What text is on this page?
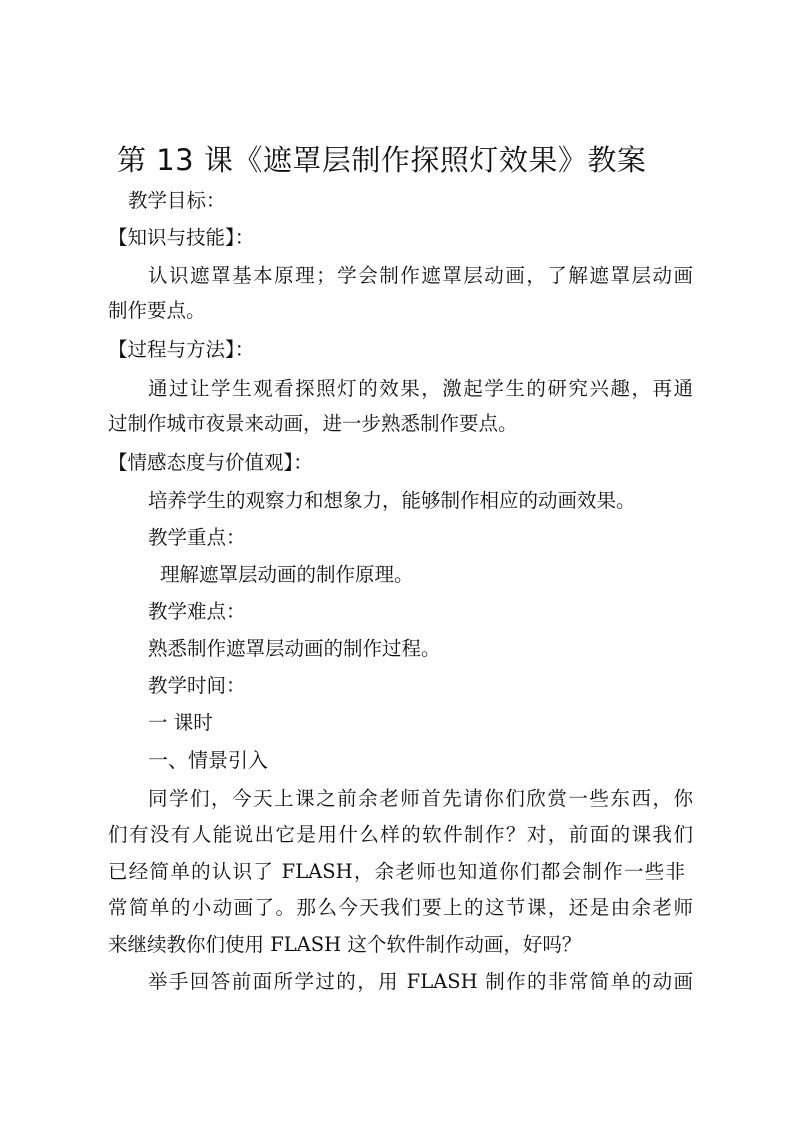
第 13 课《遮罩层制作探照灯效果》教案
教学目标：
【知识与技能】：
认识遮罩基本原理；学会制作遮罩层动画，了解遮罩层动画
制作要点。
【过程与方法】：
通过让学生观看探照灯的效果，激起学生的研究兴趣，再通
过制作城市夜景来动画，进一步熟悉制作要点。
【情感态度与价值观】：
培养学生的观察力和想象力，能够制作相应的动画效果。
教学重点：
理解遮罩层动画的制作原理。
教学难点：
熟悉制作遮罩层动画的制作过程。
教学时间：
一 课时
一、情景引入
同学们，今天上课之前余老师首先请你们欣赏一些东西，你
们有没有人能说出它是用什么样的软件制作？对，前面的课我们
已经简单的认识了 FLASH，余老师也知道你们都会制作一些非
常简单的小动画了。那么今天我们要上的这节课，还是由余老师
来继续教你们使用 FLASH 这个软件制作动画，好吗？
举手回答前面所学过的，用 FLASH 制作的非常简单的动画
